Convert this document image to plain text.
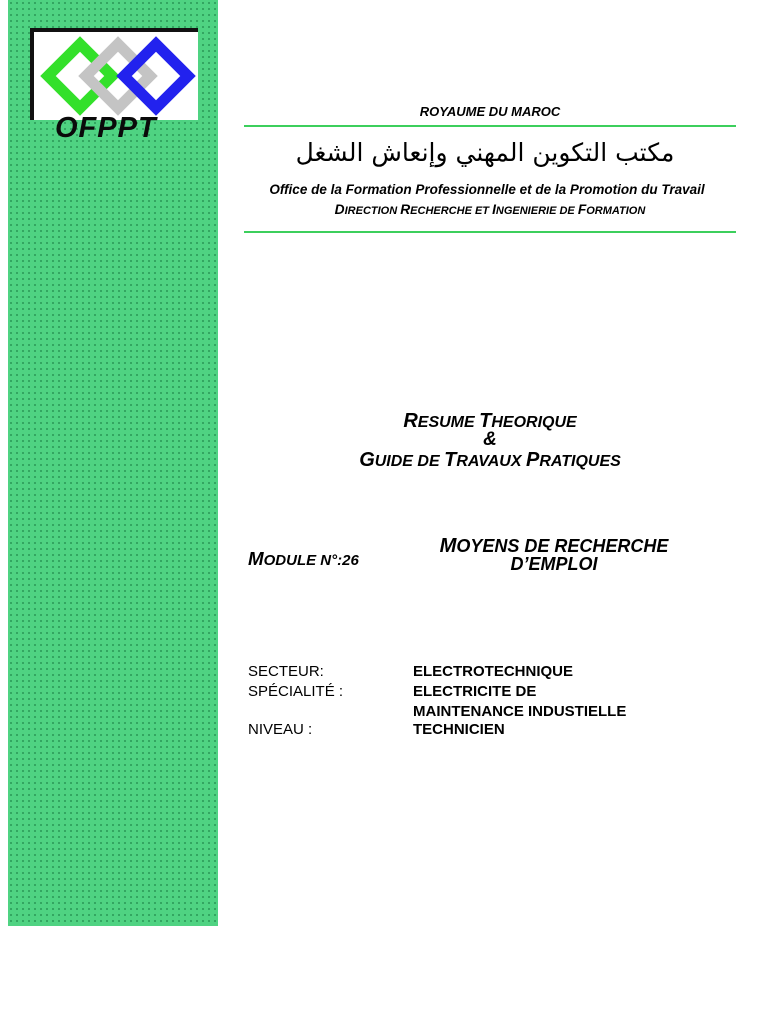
OFPPT
ROYAUME DU MAROC
مكتب التكوين المهني وإنعاش الشغل
Office de la Formation Professionnelle et de la Promotion du Travail
DIRECTION RECHERCHE ET INGENIERIE DE FORMATION
RESUME THEORIQUE
&
GUIDE DE TRAVAUX PRATIQUES
MODULE N°:26
MOYENS DE RECHERCHE
D’EMPLOI
SECTEUR:	ELECTROTECHNIQUE
SPÉCIALITÉ :	ELECTRICITE DE
MAINTENANCE INDUSTIELLE
NIVEAU :	TECHNICIEN
